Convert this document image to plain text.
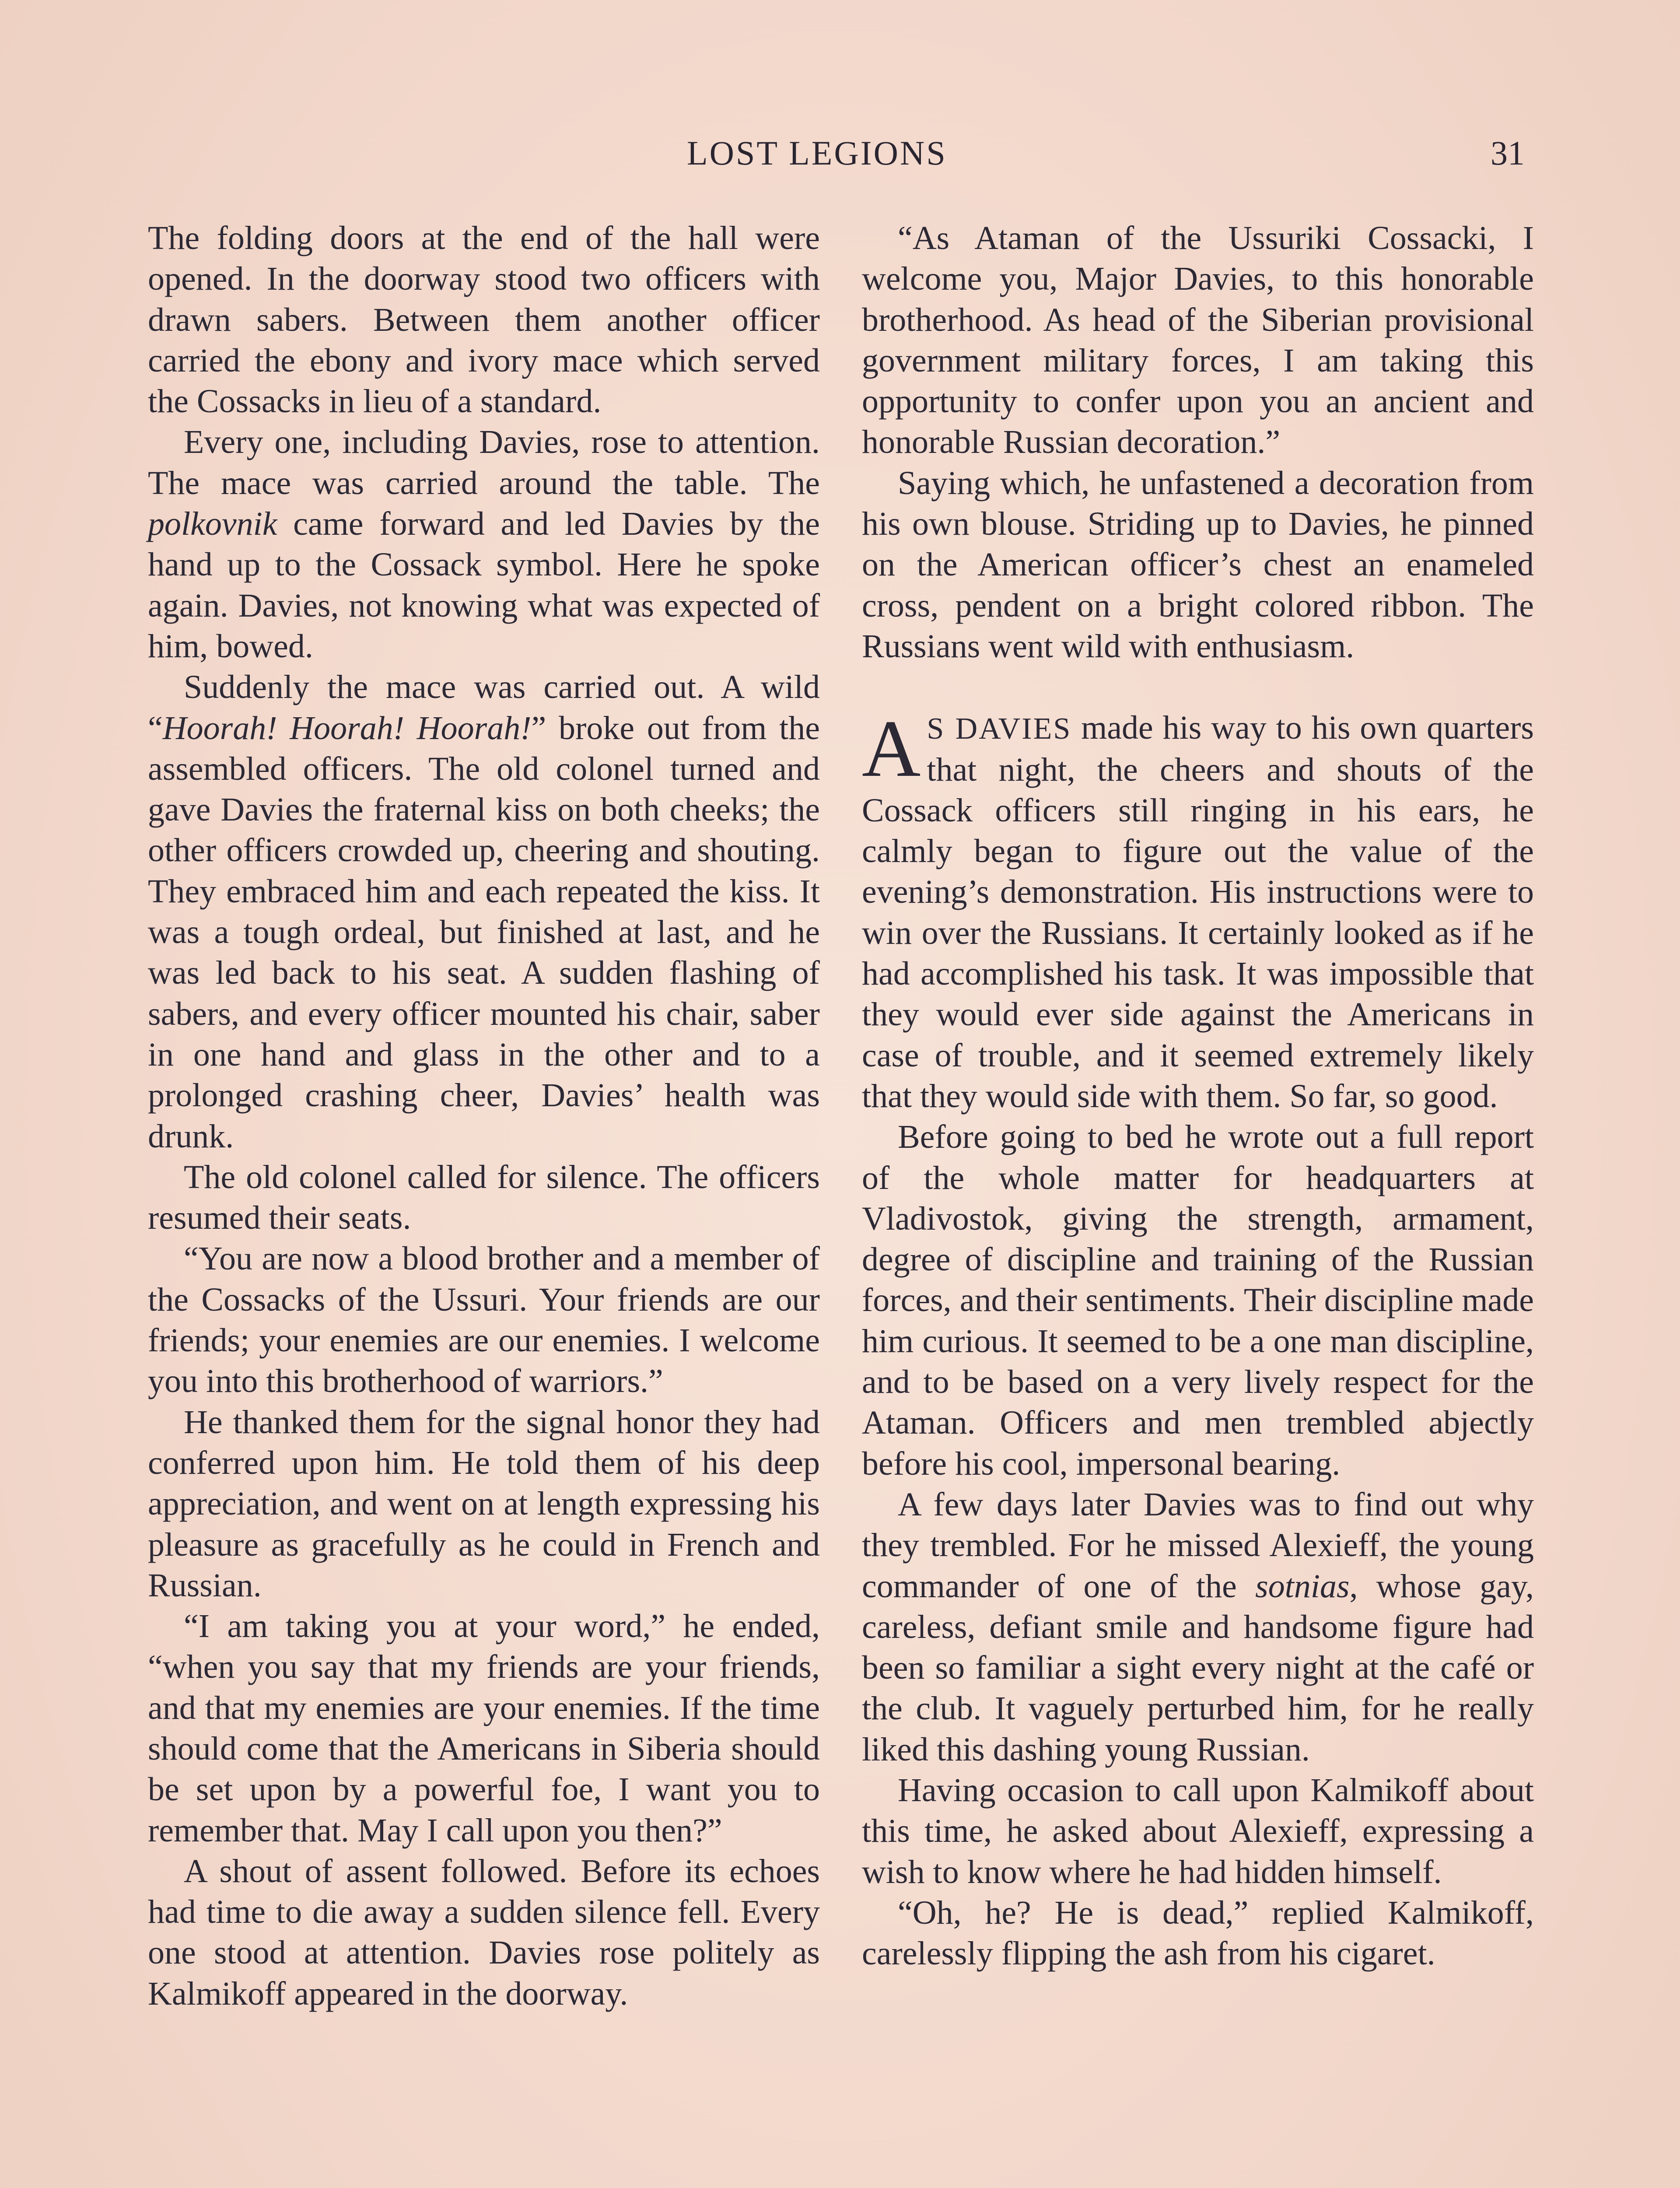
LOST LEGIONS	31

The folding doors at the end of the hall were opened. In the doorway stood two officers with drawn sabers. Between them another officer carried the ebony and ivory mace which served the Cossacks in lieu of a standard.

Every one, including Davies, rose to attention. The mace was carried around the table. The polkovnik came forward and led Davies by the hand up to the Cossack symbol. Here he spoke again. Davies, not knowing what was expected of him, bowed.

Suddenly the mace was carried out. A wild “Hoorah! Hoorah! Hoorah!” broke out from the assembled officers. The old colonel turned and gave Davies the fraternal kiss on both cheeks; the other officers crowded up, cheering and shouting. They embraced him and each repeated the kiss. It was a tough ordeal, but finished at last, and he was led back to his seat. A sudden flashing of sabers, and every officer mounted his chair, saber in one hand and glass in the other and to a prolonged crashing cheer, Davies’ health was drunk.

The old colonel called for silence. The officers resumed their seats.

“You are now a blood brother and a member of the Cossacks of the Ussuri. Your friends are our friends; your enemies are our enemies. I welcome you into this brotherhood of warriors.”

He thanked them for the signal honor they had conferred upon him. He told them of his deep appreciation, and went on at length expressing his pleasure as gracefully as he could in French and Russian.

“I am taking you at your word,” he ended, “when you say that my friends are your friends, and that my enemies are your enemies. If the time should come that the Americans in Siberia should be set upon by a powerful foe, I want you to remember that. May I call upon you then?”

A shout of assent followed. Before its echoes had time to die away a sudden silence fell. Every one stood at attention. Davies rose politely as Kalmikoff appeared in the doorway.

“As Ataman of the Ussuriki Cossacki, I welcome you, Major Davies, to this honorable brotherhood. As head of the Siberian provisional government military forces, I am taking this opportunity to confer upon you an ancient and honorable Russian decoration.”

Saying which, he unfastened a decoration from his own blouse. Striding up to Davies, he pinned on the American officer’s chest an enameled cross, pendent on a bright colored ribbon. The Russians went wild with enthusiasm.

A S DAVIES made his way to his own quarters that night, the cheers and shouts of the Cossack officers still ringing in his ears, he calmly began to figure out the value of the evening’s demonstration. His instructions were to win over the Russians. It certainly looked as if he had accomplished his task. It was impossible that they would ever side against the Americans in case of trouble, and it seemed extremely likely that they would side with them. So far, so good.

Before going to bed he wrote out a full report of the whole matter for headquarters at Vladivostok, giving the strength, armament, degree of discipline and training of the Russian forces, and their sentiments. Their discipline made him curious. It seemed to be a one man discipline, and to be based on a very lively respect for the Ataman. Officers and men trembled abjectly before his cool, impersonal bearing.

A few days later Davies was to find out why they trembled. For he missed Alexieff, the young commander of one of the sotnias, whose gay, careless, defiant smile and handsome figure had been so familiar a sight every night at the café or the club. It vaguely perturbed him, for he really liked this dashing young Russian.

Having occasion to call upon Kalmikoff about this time, he asked about Alexieff, expressing a wish to know where he had hidden himself.

“Oh, he? He is dead,” replied Kalmikoff, carelessly flipping the ash from his cigaret.
